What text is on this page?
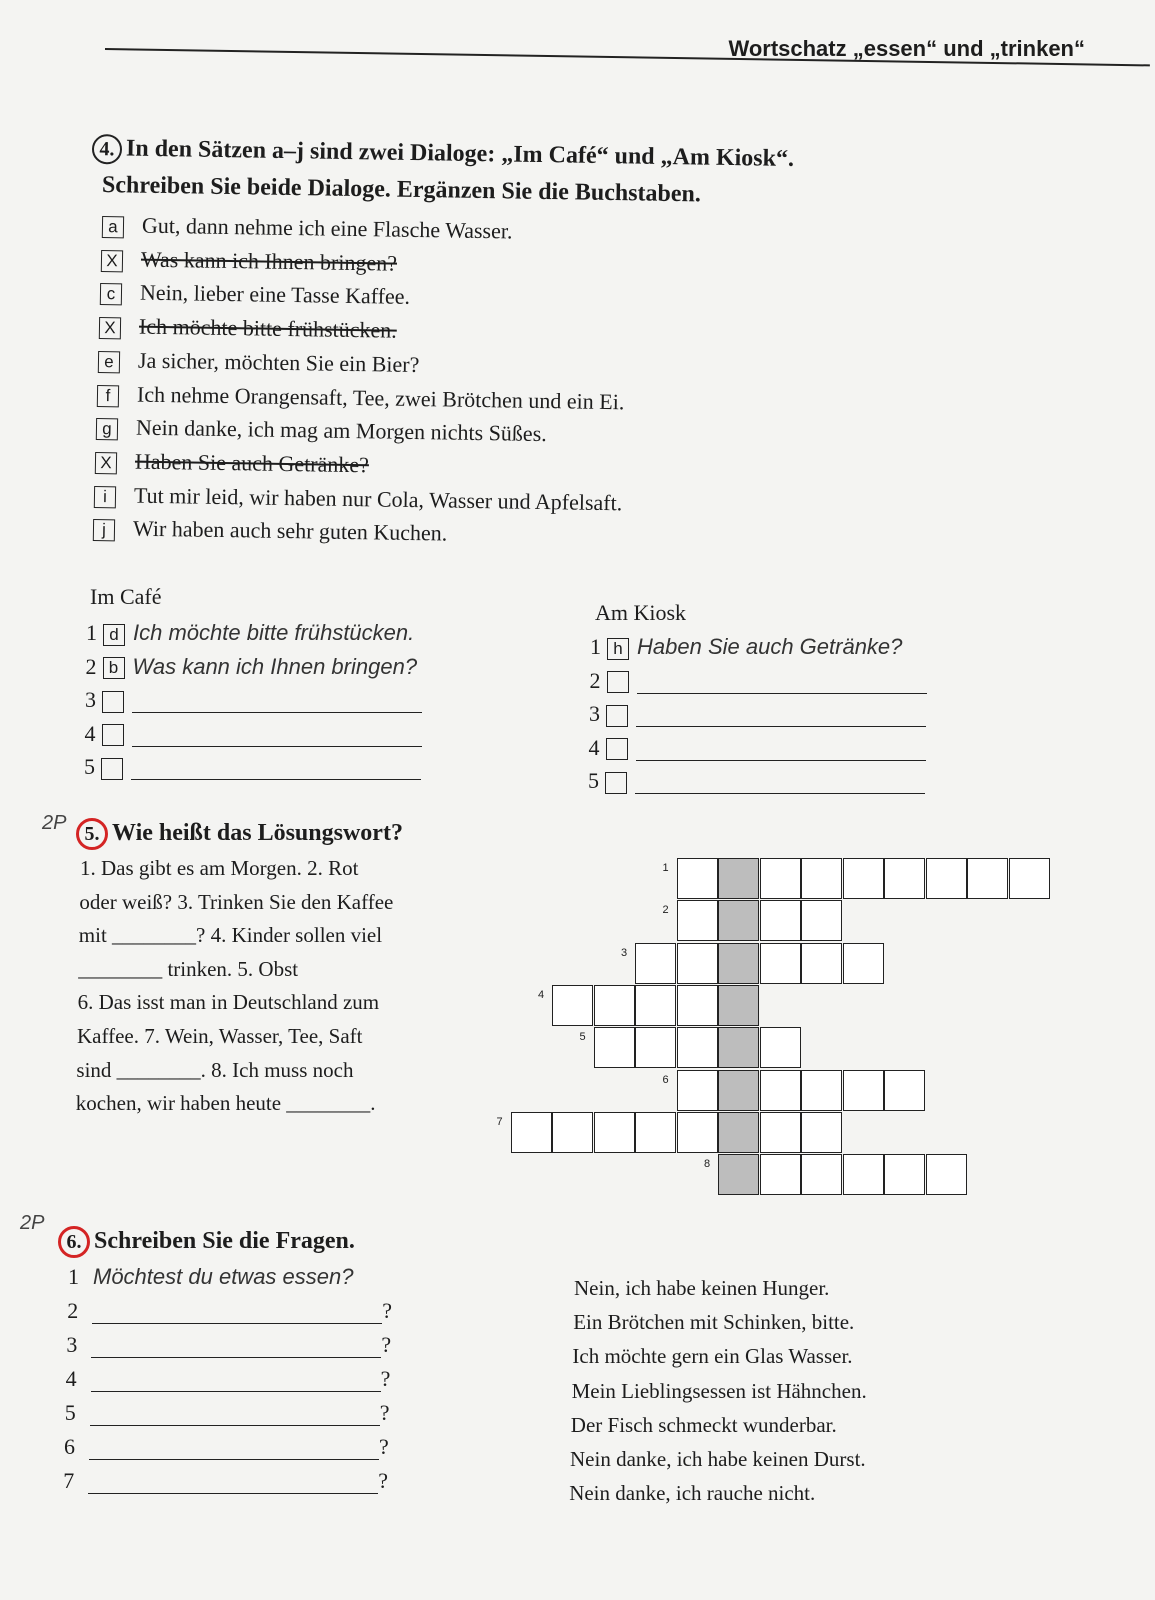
Wortschatz „essen“ und „trinken“
4. In den Sätzen a–j sind zwei Dialoge: „Im Café“ und „Am Kiosk“.
Schreiben Sie beide Dialoge. Ergänzen Sie die Buchstaben.
a Gut, dann nehme ich eine Flasche Wasser.
X Was kann ich Ihnen bringen?
c Nein, lieber eine Tasse Kaffee.
X Ich möchte bitte frühstücken.
e Ja sicher, möchten Sie ein Bier?
f Ich nehme Orangensaft, Tee, zwei Brötchen und ein Ei.
g Nein danke, ich mag am Morgen nichts Süßes.
X Haben Sie auch Getränke?
i Tut mir leid, wir haben nur Cola, Wasser und Apfelsaft.
j Wir haben auch sehr guten Kuchen.
Im Café
Am Kiosk
1 d Ich möchte bitte frühstücken.
2 b Was kann ich Ihnen bringen?
3
4
5
1 h Haben Sie auch Getränke?
2
3
4
5
2P 5. Wie heißt das Lösungswort?
1. Das gibt es am Morgen. 2. Rot
oder weiß? 3. Trinken Sie den Kaffee
mit ________? 4. Kinder sollen viel
________ trinken. 5. Obst
6. Das isst man in Deutschland zum
Kaffee. 7. Wein, Wasser, Tee, Saft
sind ________. 8. Ich muss noch
kochen, wir haben heute ________.
1
2
3
4
5
6
7
8
2P
6. Schreiben Sie die Fragen.
1 Möchtest du etwas essen?
2	?
3	?
4	?
5	?
6	?
7	?
Nein, ich habe keinen Hunger.
Ein Brötchen mit Schinken, bitte.
Ich möchte gern ein Glas Wasser.
Mein Lieblingsessen ist Hähnchen.
Der Fisch schmeckt wunderbar.
Nein danke, ich habe keinen Durst.
Nein danke, ich rauche nicht.
